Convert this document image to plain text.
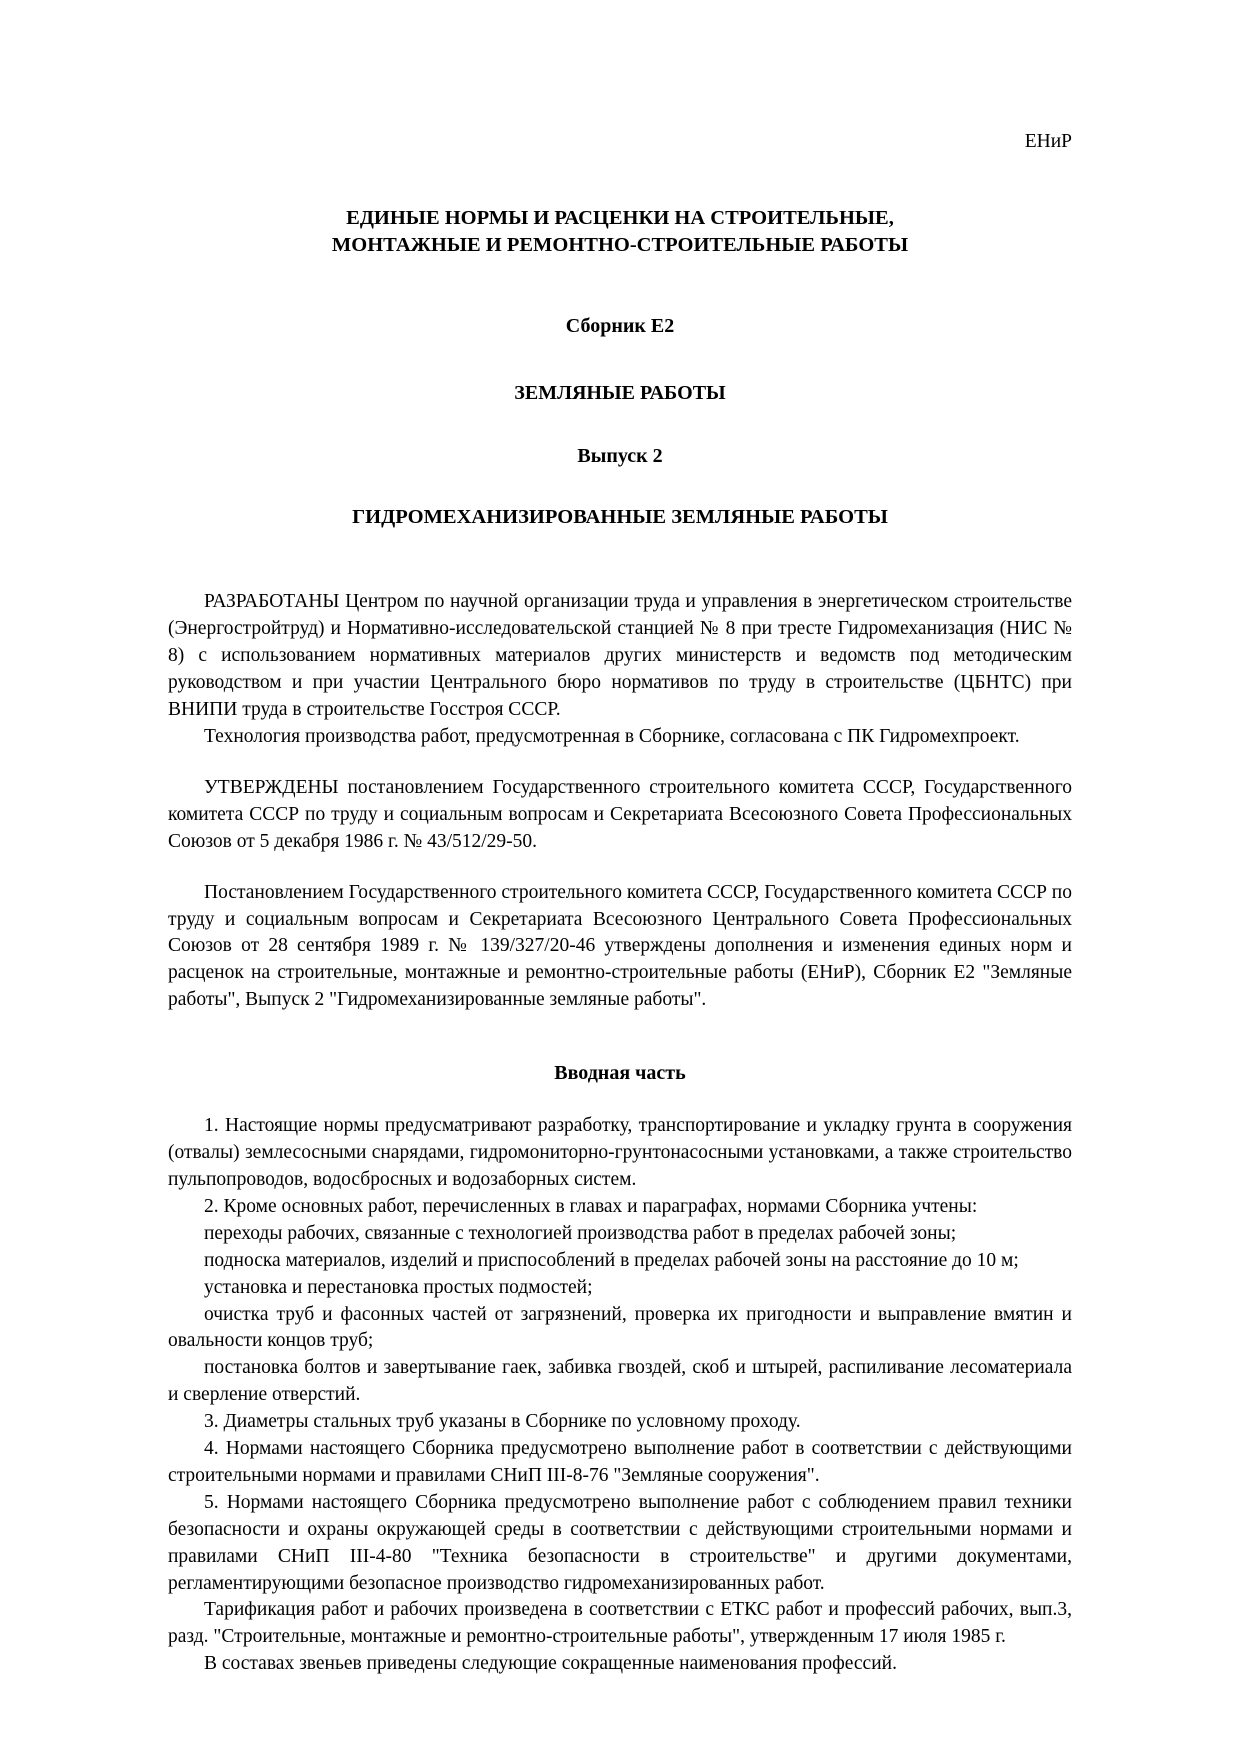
ЕНиР
ЕДИНЫЕ НОРМЫ И РАСЦЕНКИ НА СТРОИТЕЛЬНЫЕ,
МОНТАЖНЫЕ И РЕМОНТНО-СТРОИТЕЛЬНЫЕ РАБОТЫ
Сборник Е2
ЗЕМЛЯНЫЕ РАБОТЫ
Выпуск 2
ГИДРОМЕХАНИЗИРОВАННЫЕ ЗЕМЛЯНЫЕ РАБОТЫ

РАЗРАБОТАНЫ Центром по научной организации труда и управления в энергетическом строительстве (Энергостройтруд) и Нормативно-исследовательской станцией № 8 при тресте Гидромеханизация (НИС № 8) с использованием нормативных материалов других министерств и ведомств под методическим руководством и при участии Центрального бюро нормативов по труду в строительстве (ЦБНТС) при ВНИПИ труда в строительстве Госстроя СССР.

Технология производства работ, предусмотренная в Сборнике, согласована с ПК Гидромехпроект.

УТВЕРЖДЕНЫ постановлением Государственного строительного комитета СССР, Государственного комитета СССР по труду и социальным вопросам и Секретариата Всесоюзного Совета Профессиональных Союзов от 5 декабря 1986 г. № 43/512/29-50.

Постановлением Государственного строительного комитета СССР, Государственного комитета СССР по труду и социальным вопросам и Секретариата Всесоюзного Центрального Совета Профессиональных Союзов от 28 сентября 1989 г. № 139/327/20-46 утверждены дополнения и изменения единых норм и расценок на строительные, монтажные и ремонтно-строительные работы (ЕНиР), Сборник Е2 "Земляные работы", Выпуск 2 "Гидромеханизированные земляные работы".

Вводная часть

1. Настоящие нормы предусматривают разработку, транспортирование и укладку грунта в сооружения (отвалы) землесосными снарядами, гидромониторно-грунтонасосными установками, а также строительство пульпопроводов, водосбросных и водозаборных систем.

2. Кроме основных работ, перечисленных в главах и параграфах, нормами Сборника учтены:

переходы рабочих, связанные с технологией производства работ в пределах рабочей зоны;

подноска материалов, изделий и приспособлений в пределах рабочей зоны на расстояние до 10 м;

установка и перестановка простых подмостей;

очистка труб и фасонных частей от загрязнений, проверка их пригодности и выправление вмятин и овальности концов труб;

постановка болтов и завертывание гаек, забивка гвоздей, скоб и штырей, распиливание лесоматериала и сверление отверстий.

3. Диаметры стальных труб указаны в Сборнике по условному проходу.

4. Нормами настоящего Сборника предусмотрено выполнение работ в соответствии с действующими строительными нормами и правилами СНиП III-8-76 "Земляные сооружения".

5. Нормами настоящего Сборника предусмотрено выполнение работ с соблюдением правил техники безопасности и охраны окружающей среды в соответствии с действующими строительными нормами и правилами СНиП III-4-80 "Техника безопасности в строительстве" и другими документами, регламентирующими безопасное производство гидромеханизированных работ.

Тарификация работ и рабочих произведена в соответствии с ЕТКС работ и профессий рабочих, вып.3, разд. "Строительные, монтажные и ремонтно-строительные работы", утвержденным 17 июля 1985 г.

В составах звеньев приведены следующие сокращенные наименования профессий.
